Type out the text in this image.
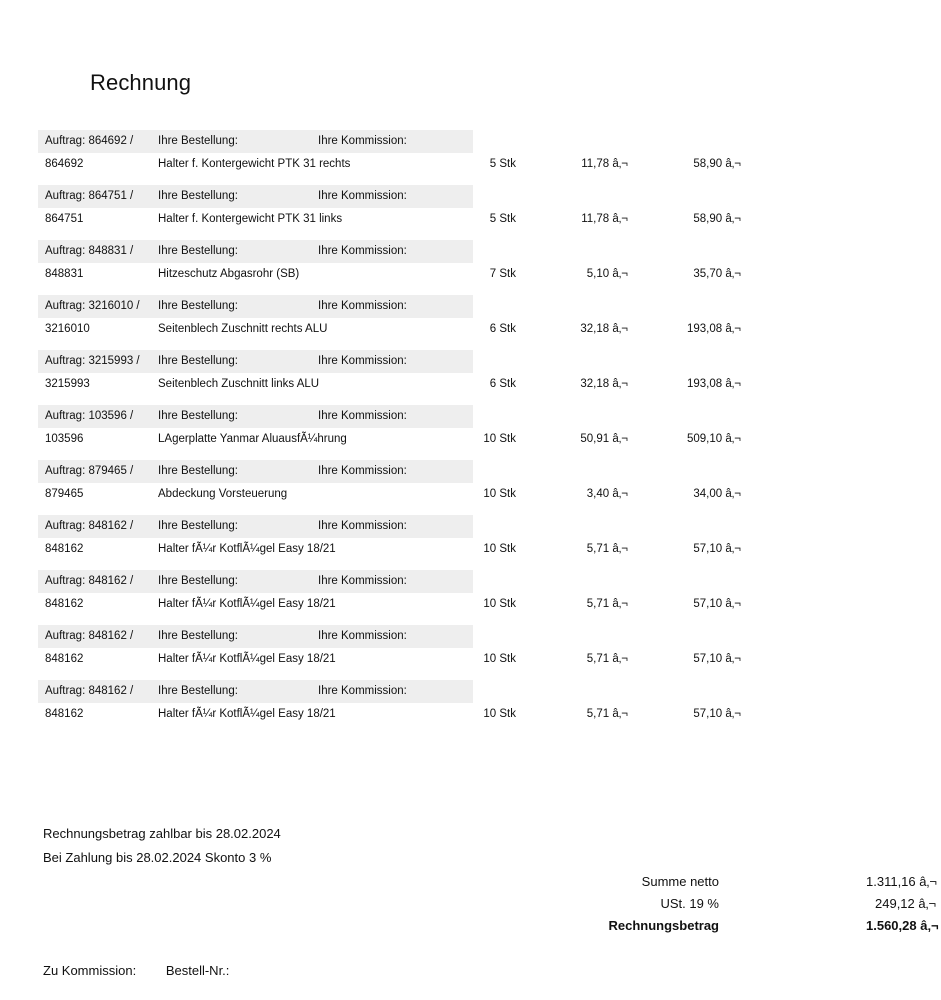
Rechnung
Auftrag: 864692 / Ihre Bestellung:	Ihre Kommission:
864692	Halter f. Kontergewicht PTK 31 rechts	5 Stk	11,78 â‚¬	58,90 â‚¬
Auftrag: 864751 / Ihre Bestellung:	Ihre Kommission:
864751	Halter f. Kontergewicht PTK 31 links	5 Stk	11,78 â‚¬	58,90 â‚¬
Auftrag: 848831 / Ihre Bestellung:	Ihre Kommission:
848831	Hitzeschutz Abgasrohr (SB)	7 Stk	5,10 â‚¬	35,70 â‚¬
Auftrag: 3216010 / Ihre Bestellung:	Ihre Kommission:
3216010	Seitenblech Zuschnitt rechts ALU	6 Stk	32,18 â‚¬	193,08 â‚¬
Auftrag: 3215993 / Ihre Bestellung:	Ihre Kommission:
3215993	Seitenblech Zuschnitt links ALU	6 Stk	32,18 â‚¬	193,08 â‚¬
Auftrag: 103596 / Ihre Bestellung:	Ihre Kommission:
103596	LAgerplatte Yanmar AluausfÃ¼hrung	10 Stk	50,91 â‚¬	509,10 â‚¬
Auftrag: 879465 / Ihre Bestellung:	Ihre Kommission:
879465	Abdeckung Vorsteuerung	10 Stk	3,40 â‚¬	34,00 â‚¬
Auftrag: 848162 / Ihre Bestellung:	Ihre Kommission:
848162	Halter fÃ¼r KotflÃ¼gel Easy 18/21	10 Stk	5,71 â‚¬	57,10 â‚¬
Auftrag: 848162 / Ihre Bestellung:	Ihre Kommission:
848162	Halter fÃ¼r KotflÃ¼gel Easy 18/21	10 Stk	5,71 â‚¬	57,10 â‚¬
Auftrag: 848162 / Ihre Bestellung:	Ihre Kommission:
848162	Halter fÃ¼r KotflÃ¼gel Easy 18/21	10 Stk	5,71 â‚¬	57,10 â‚¬
Auftrag: 848162 / Ihre Bestellung:	Ihre Kommission:
848162	Halter fÃ¼r KotflÃ¼gel Easy 18/21	10 Stk	5,71 â‚¬	57,10 â‚¬
Rechnungsbetrag zahlbar bis 28.02.2024
Bei Zahlung bis 28.02.2024 Skonto 3 %
Summe netto	1.311,16 â‚¬
USt. 19 %	249,12 â‚¬
Rechnungsbetrag	1.560,28 â‚¬
Zu Kommission: Bestell-Nr.:
